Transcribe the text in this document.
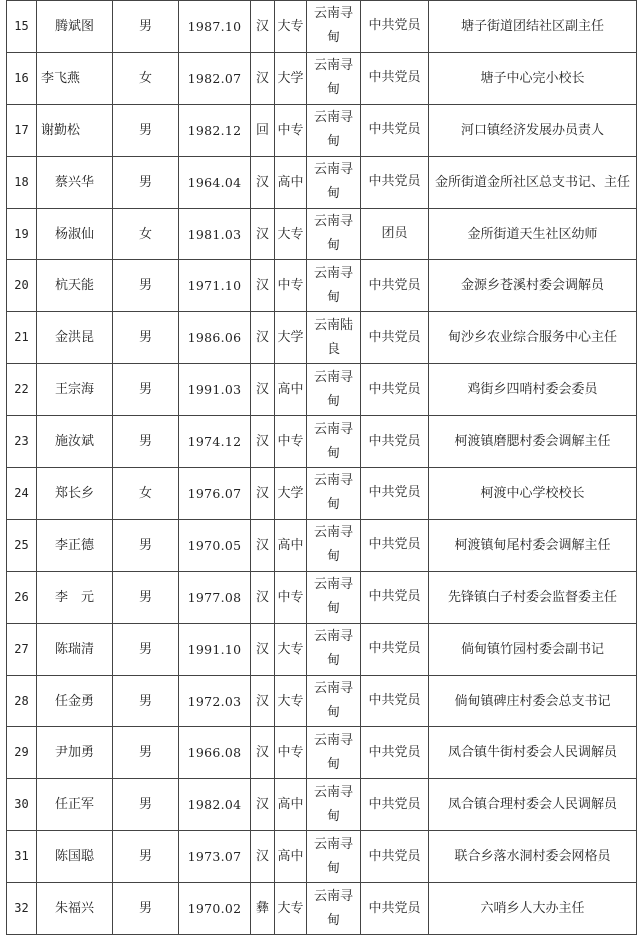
15	腾斌图	男	1987.10	汉	大专	云南寻甸	中共党员	塘子街道团结社区副主任
16	李飞燕	女	1982.07	汉	大学	云南寻甸	中共党员	塘子中心完小校长
17	谢勤松	男	1982.12	回	中专	云南寻甸	中共党员	河口镇经济发展办员责人
18	蔡兴华	男	1964.04	汉	高中	云南寻甸	中共党员	金所街道金所社区总支书记、主任
19	杨淑仙	女	1981.03	汉	大专	云南寻甸	团员	金所街道天生社区幼师
20	杭天能	男	1971.10	汉	中专	云南寻甸	中共党员	金源乡苍溪村委会调解员
21	金洪昆	男	1986.06	汉	大学	云南陆良	中共党员	甸沙乡农业综合服务中心主任
22	王宗海	男	1991.03	汉	高中	云南寻甸	中共党员	鸡街乡四哨村委会委员
23	施汝斌	男	1974.12	汉	中专	云南寻甸	中共党员	柯渡镇磨腮村委会调解主任
24	郑长乡	女	1976.07	汉	大学	云南寻甸	中共党员	柯渡中心学校校长
25	李正德	男	1970.05	汉	高中	云南寻甸	中共党员	柯渡镇甸尾村委会调解主任
26	李　元	男	1977.08	汉	中专	云南寻甸	中共党员	先锋镇白子村委会监督委主任
27	陈瑞清	男	1991.10	汉	大专	云南寻甸	中共党员	倘甸镇竹园村委会副书记
28	任金勇	男	1972.03	汉	大专	云南寻甸	中共党员	倘甸镇碑庄村委会总支书记
29	尹加勇	男	1966.08	汉	中专	云南寻甸	中共党员	凤合镇牛街村委会人民调解员
30	任正军	男	1982.04	汉	高中	云南寻甸	中共党员	凤合镇合理村委会人民调解员
31	陈国聪	男	1973.07	汉	高中	云南寻甸	中共党员	联合乡落水洞村委会网格员
32	朱福兴	男	1970.02	彝	大专	云南寻甸	中共党员	六哨乡人大办主任
